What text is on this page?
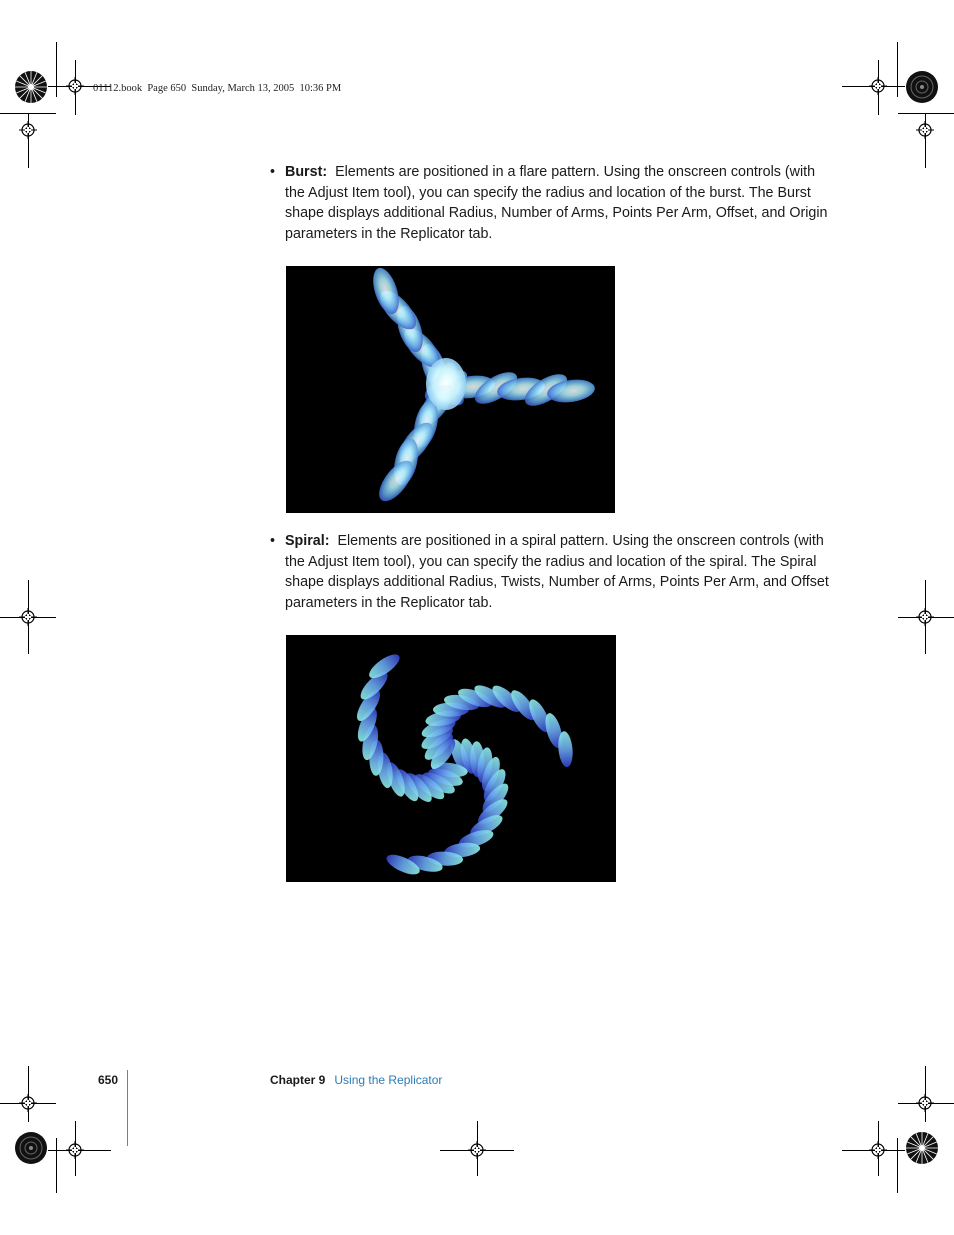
01112.book  Page 650  Sunday, March 13, 2005  10:36 PM
• Burst: Elements are positioned in a flare pattern. Using the onscreen controls (with the Adjust Item tool), you can specify the radius and location of the burst. The Burst shape displays additional Radius, Number of Arms, Points Per Arm, Offset, and Origin parameters in the Replicator tab.
• Spiral: Elements are positioned in a spiral pattern. Using the onscreen controls (with the Adjust Item tool), you can specify the radius and location of the spiral. The Spiral shape displays additional Radius, Twists, Number of Arms, Points Per Arm, and Offset parameters in the Replicator tab.
650	Chapter 9 Using the Replicator
